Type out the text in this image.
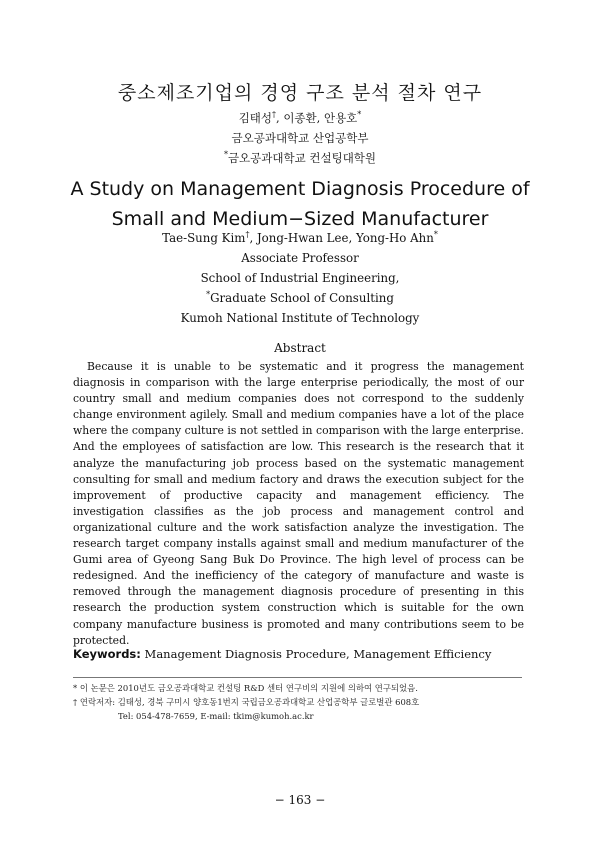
중소제조기업의 경영 구조 분석 절차 연구
김태성†, 이종환, 안용호*
금오공과대학교 산업공학부
*금오공과대학교 컨설팅대학원
A Study on Management Diagnosis Procedure of
Small and Medium−Sized Manufacturer
Tae-Sung Kim†, Jong-Hwan Lee, Yong-Ho Ahn*
Associate Professor
School of Industrial Engineering,
*Graduate School of Consulting
Kumoh National Institute of Technology
Abstract
Because it is unable to be systematic and it progress the management diagnosis in comparison with the large enterprise periodically, the most of our country small and medium companies does not correspond to the suddenly change environment agilely. Small and medium companies have a lot of the place where the company culture is not settled in comparison with the large enterprise. And the employees of satisfaction are low. This research is the research that it analyze the manufacturing job process based on the systematic management consulting for small and medium factory and draws the execution subject for the improvement of productive capacity and management efficiency. The investigation classifies as the job process and management control and organizational culture and the work satisfaction analyze the investigation. The research target company installs against small and medium manufacturer of the Gumi area of Gyeong Sang Buk Do Province. The high level of process can be redesigned. And the inefficiency of the category of manufacture and waste is removed through the management diagnosis procedure of presenting in this research the production system construction which is suitable for the own company manufacture business is promoted and many contributions seem to be protected.
Keywords: Management Diagnosis Procedure, Management Efficiency
* 이 논문은 2010년도 금오공과대학교 컨설팅 R&D 센터 연구비의 지원에 의하여 연구되었음.
† 연락저자: 김태성, 경북 구미시 양호동1번지 국립금오공과대학교 산업공학부 글로벌관 608호
Tel: 054-478-7659, E-mail: tkim@kumoh.ac.kr
− 163 −
